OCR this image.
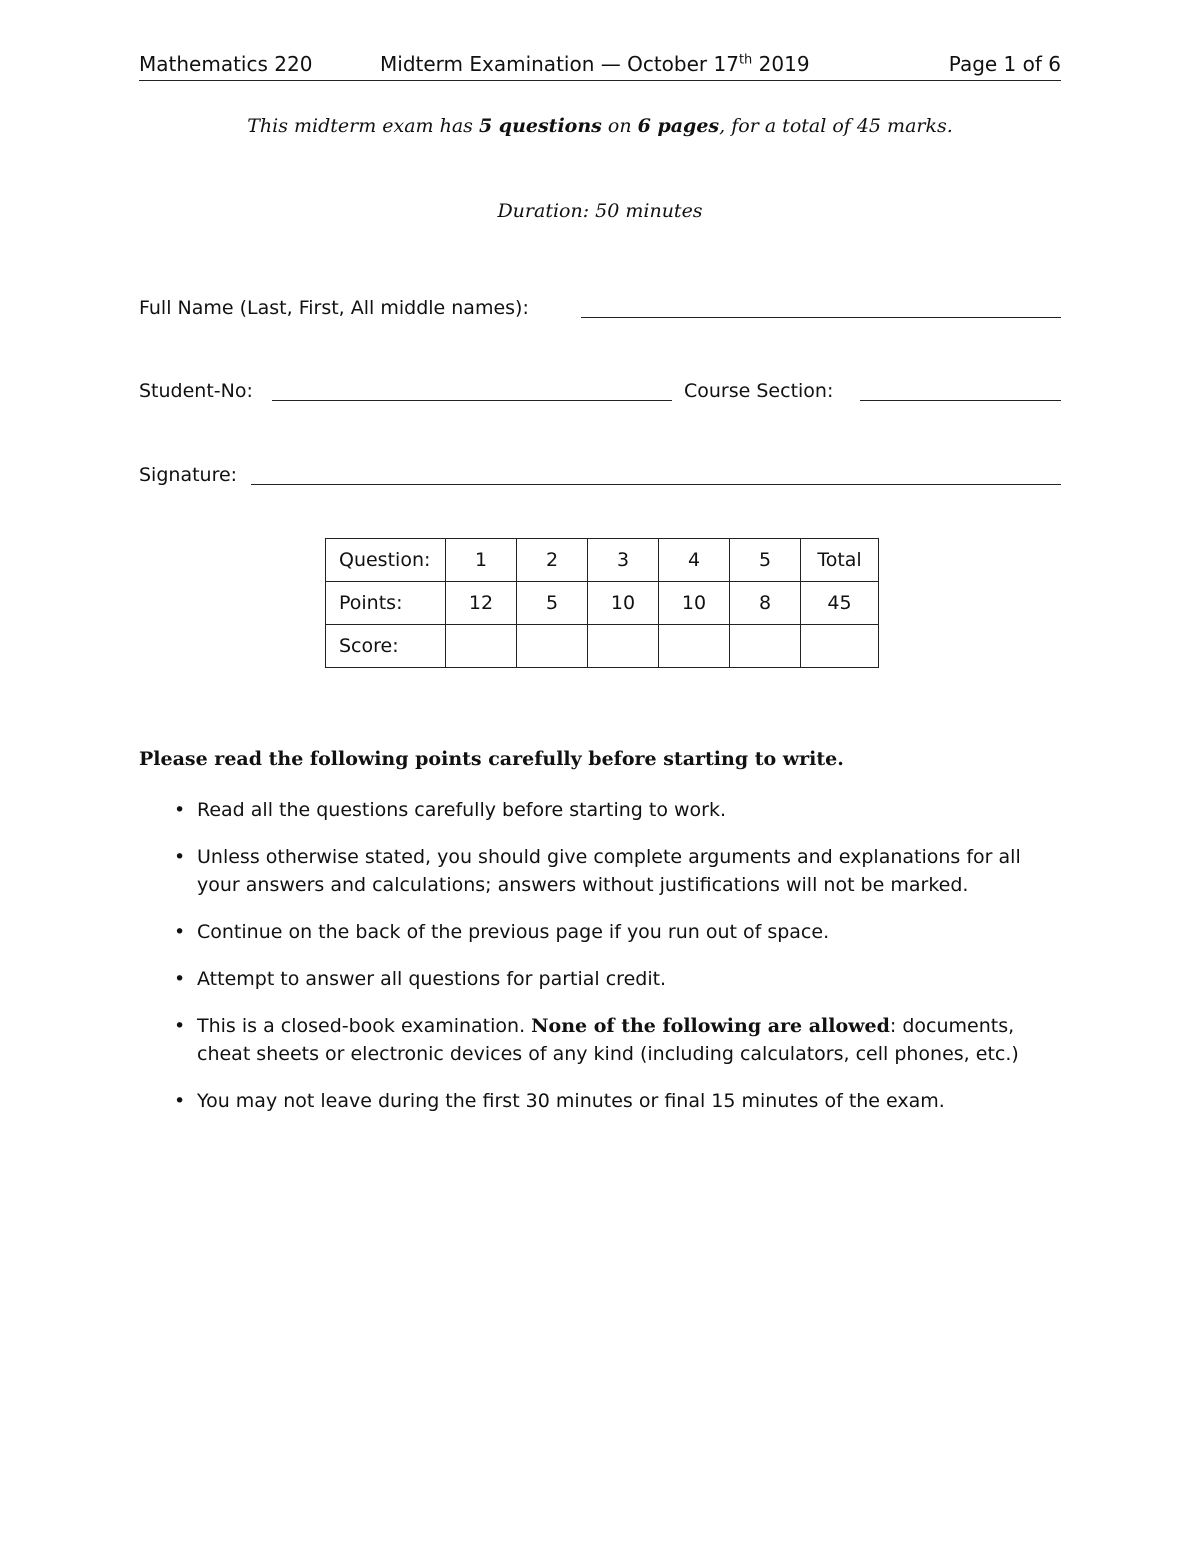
Mathematics 220	Midterm Examination — October 17th 2019	Page 1 of 6
This midterm exam has 5 questions on 6 pages, for a total of 45 marks.
Duration: 50 minutes
Full Name (Last, First, All middle names):
Student-No:	Course Section:
Signature:
Question:	1	2	3	4	5	Total
Points:	12	5	10	10	8	45
Score:						
Please read the following points carefully before starting to write.
• Read all the questions carefully before starting to work.
• Unless otherwise stated, you should give complete arguments and explanations for all your answers and calculations; answers without justifications will not be marked.
• Continue on the back of the previous page if you run out of space.
• Attempt to answer all questions for partial credit.
• This is a closed-book examination. None of the following are allowed: documents, cheat sheets or electronic devices of any kind (including calculators, cell phones, etc.)
• You may not leave during the first 30 minutes or final 15 minutes of the exam.
